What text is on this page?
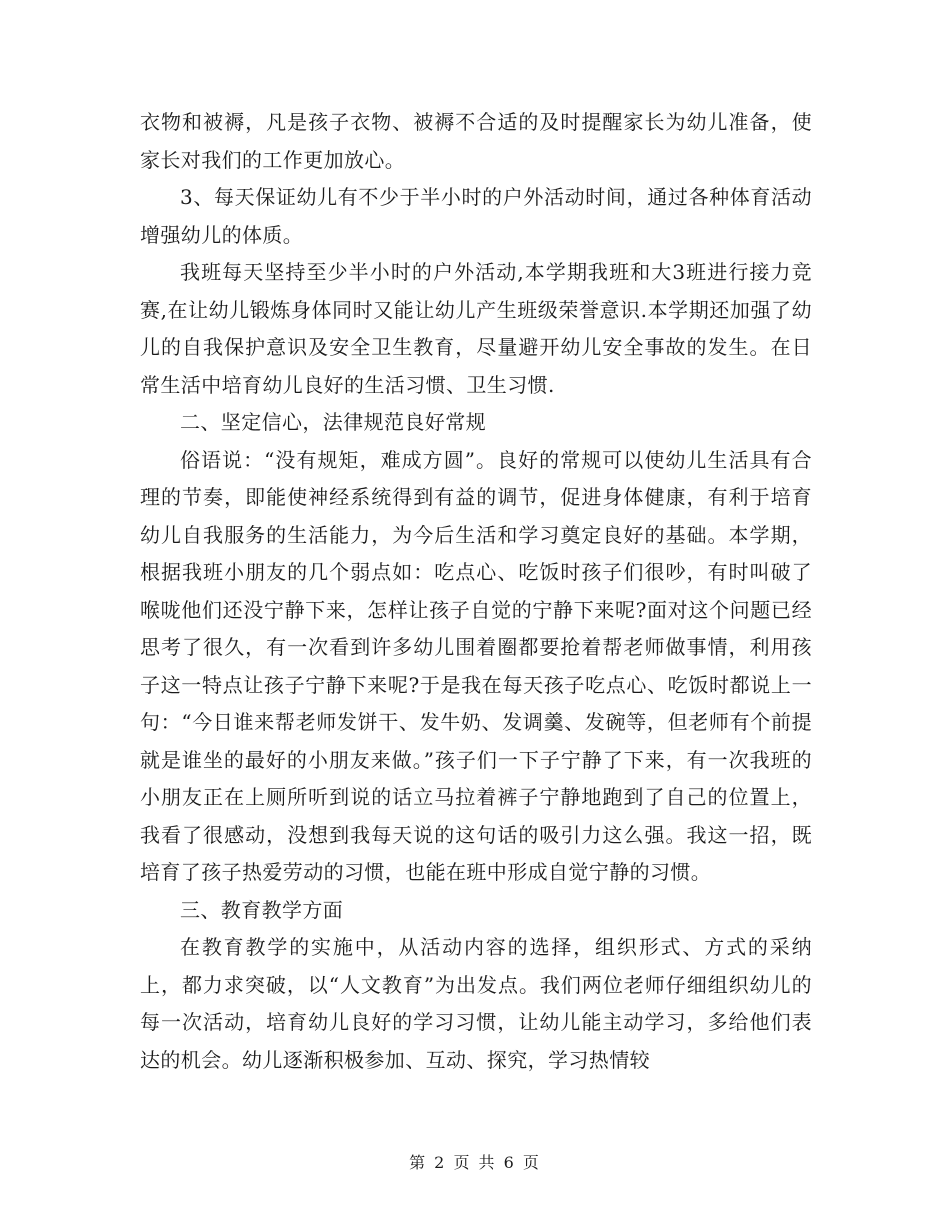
衣物和被褥，凡是孩子衣物、被褥不合适的及时提醒家长为幼儿准备，使家长对我们的工作更加放心。

3、每天保证幼儿有不少于半小时的户外活动时间，通过各种体育活动增强幼儿的体质。

我班每天坚持至少半小时的户外活动,本学期我班和大3班进行接力竞赛,在让幼儿锻炼身体同时又能让幼儿产生班级荣誉意识.本学期还加强了幼儿的自我保护意识及安全卫生教育，尽量避开幼儿安全事故的发生。在日常生活中培育幼儿良好的生活习惯、卫生习惯.

二、坚定信心，法律规范良好常规

俗语说：“没有规矩，难成方圆”。良好的常规可以使幼儿生活具有合理的节奏，即能使神经系统得到有益的调节，促进身体健康，有利于培育幼儿自我服务的生活能力，为今后生活和学习奠定良好的基础。本学期，根据我班小朋友的几个弱点如：吃点心、吃饭时孩子们很吵，有时叫破了喉咙他们还没宁静下来，怎样让孩子自觉的宁静下来呢?面对这个问题已经思考了很久，有一次看到许多幼儿围着圈都要抢着帮老师做事情，利用孩子这一特点让孩子宁静下来呢?于是我在每天孩子吃点心、吃饭时都说上一句：“今日谁来帮老师发饼干、发牛奶、发调羹、发碗等，但老师有个前提就是谁坐的最好的小朋友来做。”孩子们一下子宁静了下来，有一次我班的小朋友正在上厕所听到说的话立马拉着裤子宁静地跑到了自己的位置上，我看了很感动，没想到我每天说的这句话的吸引力这么强。我这一招，既培育了孩子热爱劳动的习惯，也能在班中形成自觉宁静的习惯。

三、教育教学方面

在教育教学的实施中，从活动内容的选择，组织形式、方式的采纳上，都力求突破，以“人文教育”为出发点。我们两位老师仔细组织幼儿的每一次活动，培育幼儿良好的学习习惯，让幼儿能主动学习，多给他们表达的机会。幼儿逐渐积极参加、互动、探究，学习热情较

第 2 页 共 6 页
